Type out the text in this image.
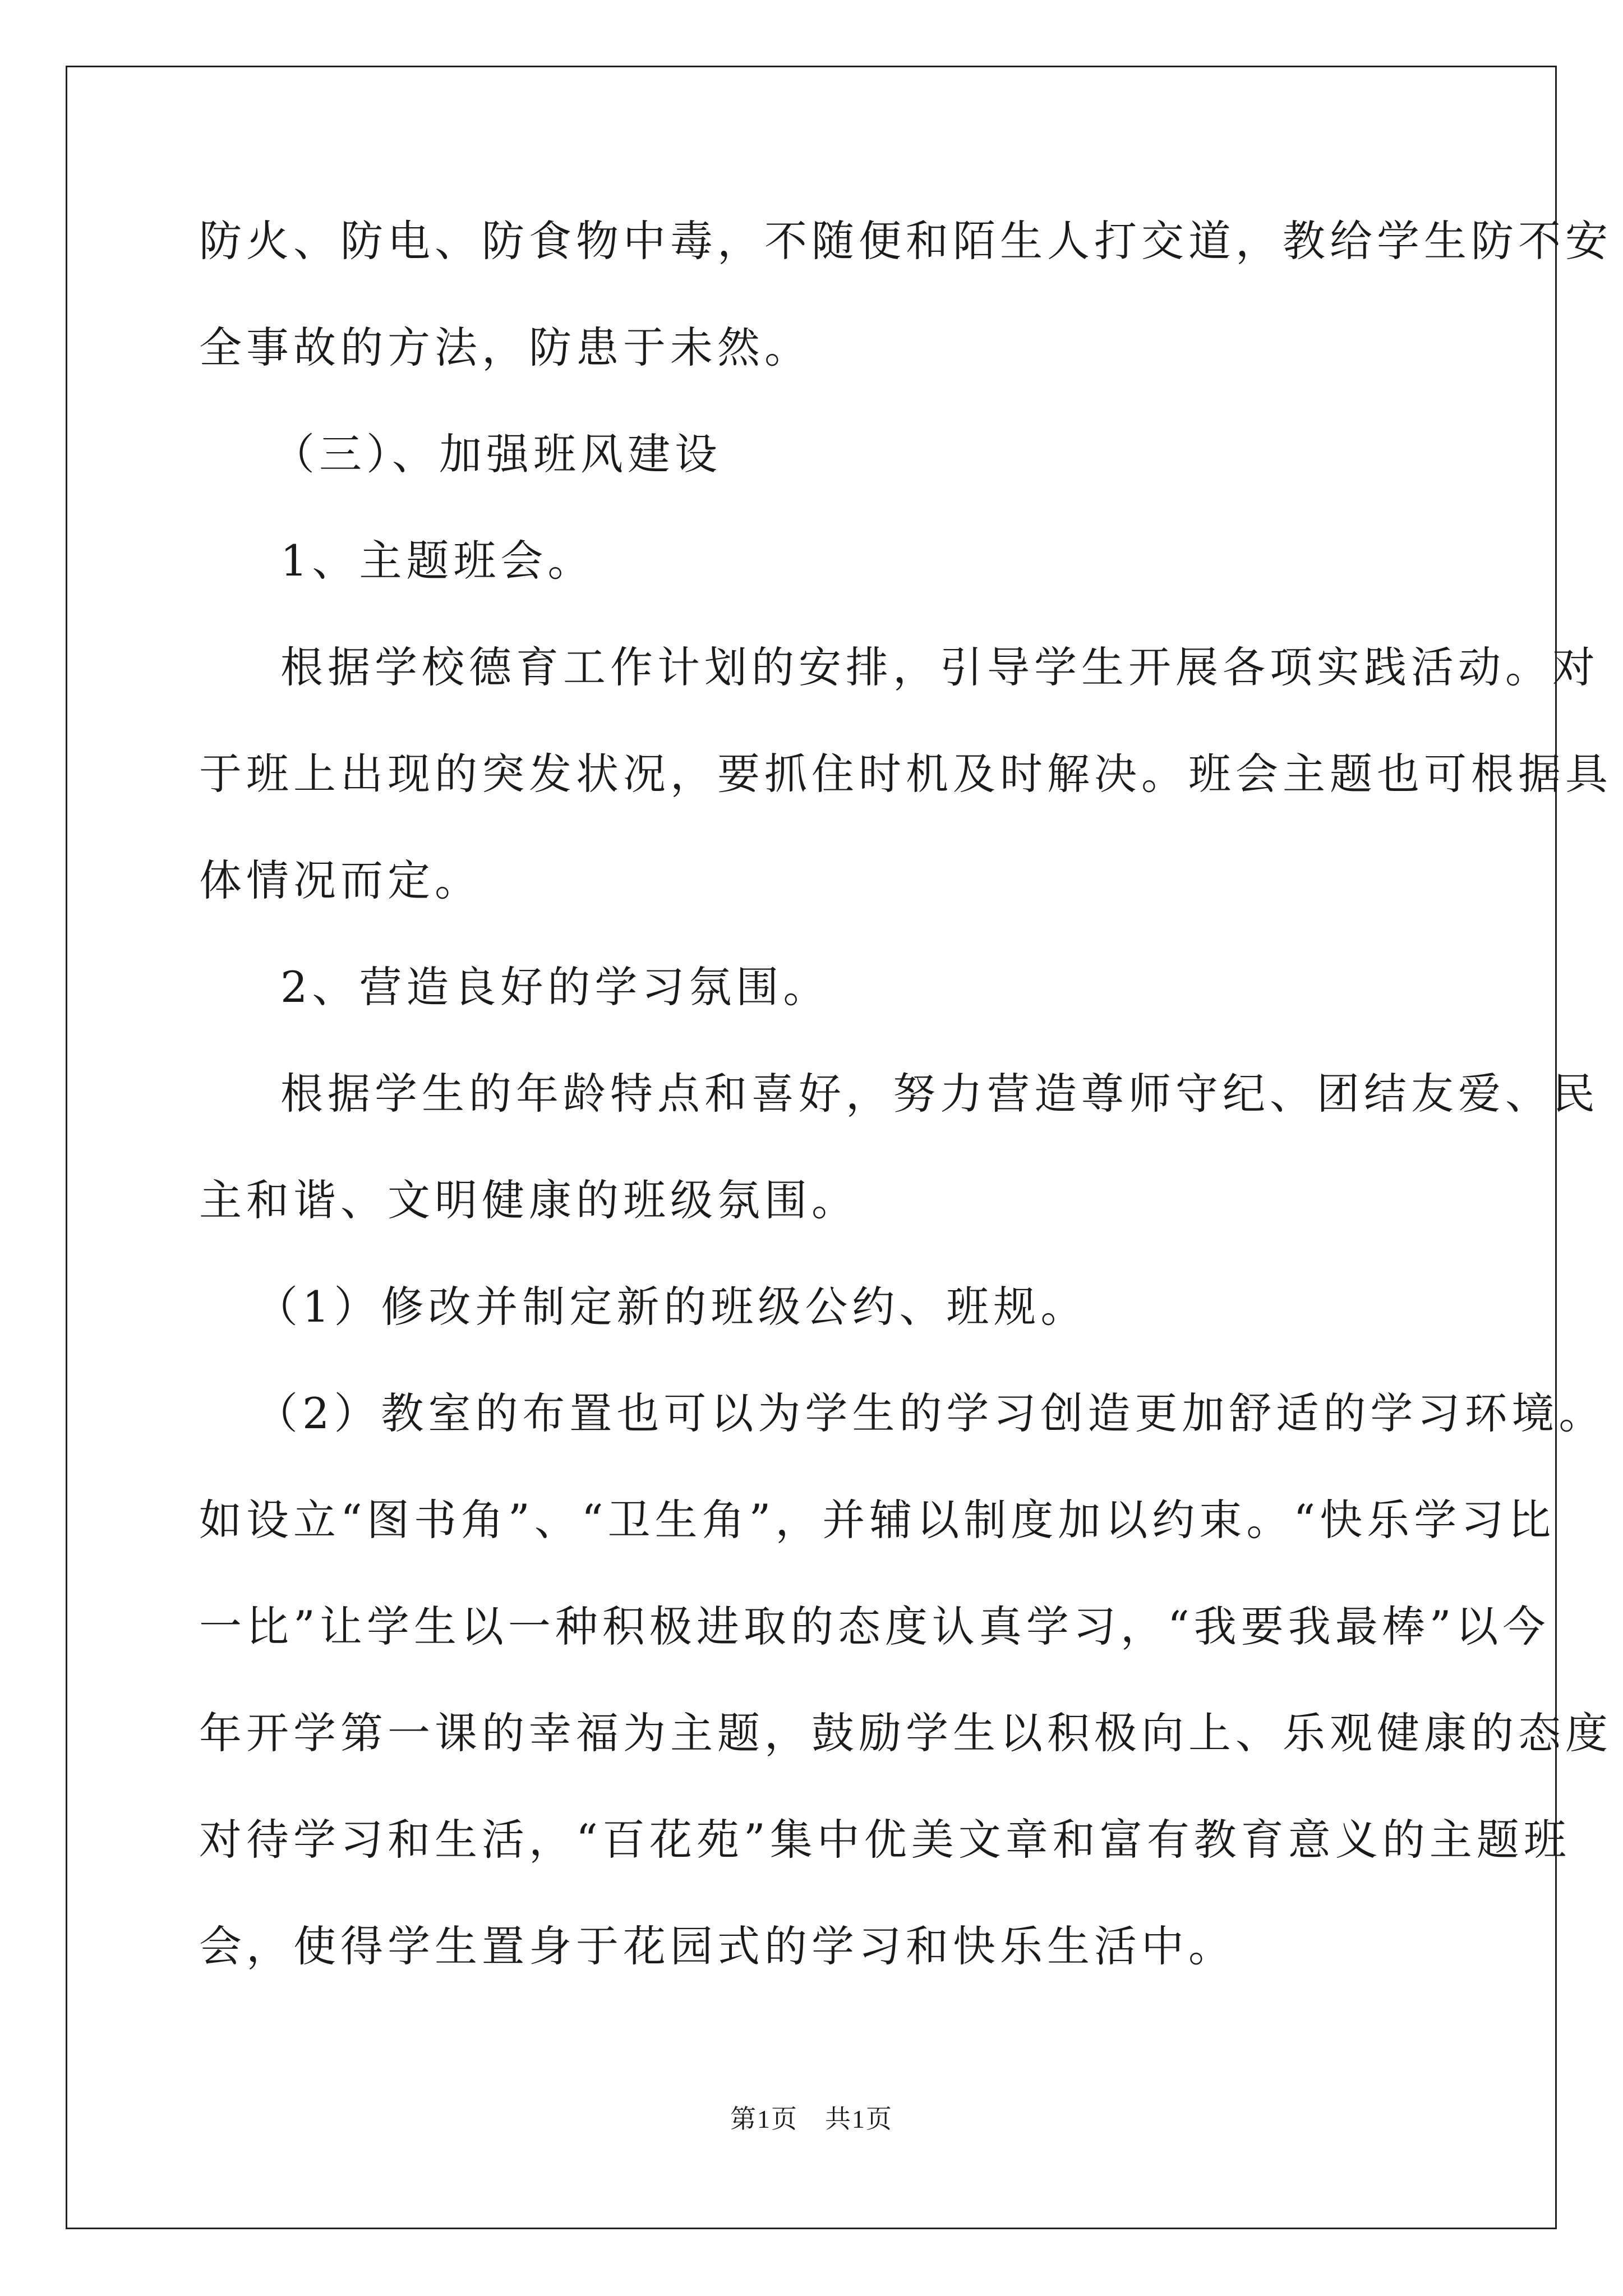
防火、防电、防食物中毒，不随便和陌生人打交道，教给学生防不安
全事故的方法，防患于未然。
（三）、加强班风建设
1、主题班会。
根据学校德育工作计划的安排，引导学生开展各项实践活动。对
于班上出现的突发状况，要抓住时机及时解决。班会主题也可根据具
体情况而定。
2、营造良好的学习氛围。
根据学生的年龄特点和喜好，努力营造尊师守纪、团结友爱、民
主和谐、文明健康的班级氛围。
（1）修改并制定新的班级公约、班规。
（2）教室的布置也可以为学生的学习创造更加舒适的学习环境。
如设立“图书角”、“卫生角”，并辅以制度加以约束。“快乐学习比
一比”让学生以一种积极进取的态度认真学习，“我要我最棒”以今
年开学第一课的幸福为主题，鼓励学生以积极向上、乐观健康的态度
对待学习和生活，“百花苑”集中优美文章和富有教育意义的主题班
会，使得学生置身于花园式的学习和快乐生活中。
第1页　共1页
